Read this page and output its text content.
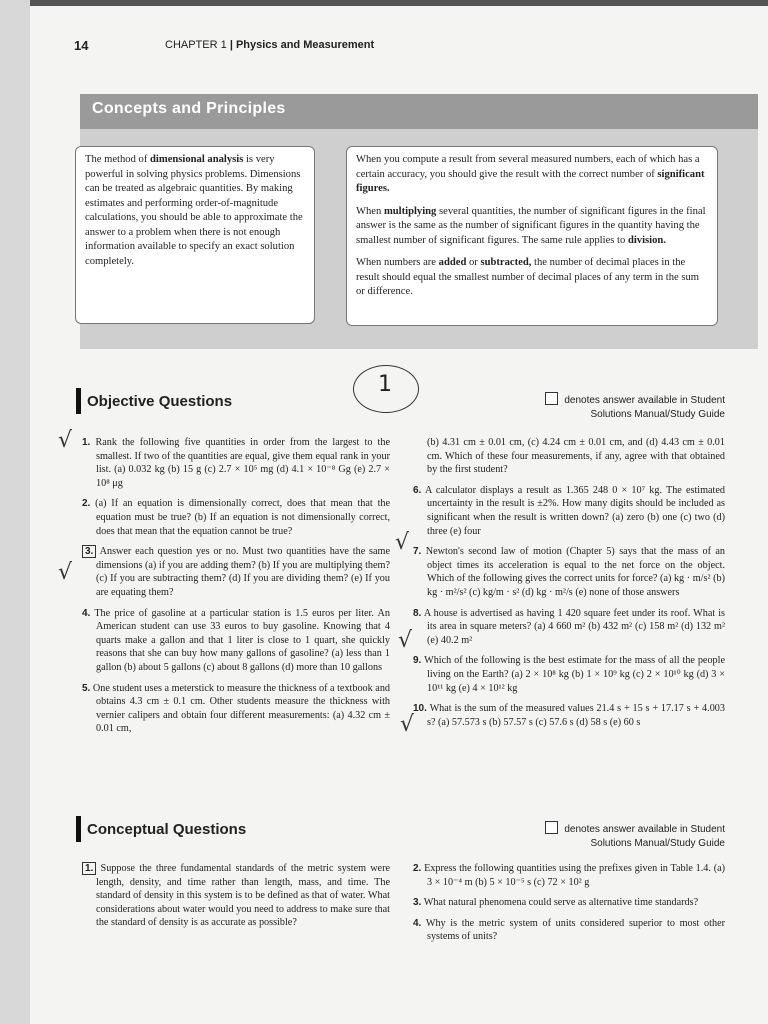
14	CHAPTER 1 | Physics and Measurement
Concepts and Principles

The method of dimensional analysis is very powerful in solving physics problems. Dimensions can be treated as algebraic quantities. By making estimates and performing order-of-magnitude calculations, you should be able to approximate the answer to a problem when there is not enough information available to specify an exact solution completely.

When you compute a result from several measured numbers, each of which has a certain accuracy, you should give the result with the correct number of significant figures.

When multiplying several quantities, the number of significant figures in the final answer is the same as the number of significant figures in the quantity having the smallest number of significant figures. The same rule applies to division.

When numbers are added or subtracted, the number of decimal places in the result should equal the smallest number of decimal places of any term in the sum or difference.

1
Objective Questions	denotes answer available in Student Solutions Manual/Study Guide
√
√
√
√
√
1. Rank the following five quantities in order from the largest to the smallest. If two of the quantities are equal, give them equal rank in your list. (a) 0.032 kg (b) 15 g (c) 2.7 × 10⁵ mg (d) 4.1 × 10⁻⁸ Gg (e) 2.7 × 10⁸ μg
2. (a) If an equation is dimensionally correct, does that mean that the equation must be true? (b) If an equation is not dimensionally correct, does that mean that the equation cannot be true?
3. Answer each question yes or no. Must two quantities have the same dimensions (a) if you are adding them? (b) If you are multiplying them? (c) If you are subtracting them? (d) If you are dividing them? (e) If you are equating them?
4. The price of gasoline at a particular station is 1.5 euros per liter. An American student can use 33 euros to buy gasoline. Knowing that 4 quarts make a gallon and that 1 liter is close to 1 quart, she quickly reasons that she can buy how many gallons of gasoline? (a) less than 1 gallon (b) about 5 gallons (c) about 8 gallons (d) more than 10 gallons
5. One student uses a meterstick to measure the thickness of a textbook and obtains 4.3 cm ± 0.1 cm. Other students measure the thickness with vernier calipers and obtain four different measurements: (a) 4.32 cm ± 0.01 cm,
(b) 4.31 cm ± 0.01 cm, (c) 4.24 cm ± 0.01 cm, and (d) 4.43 cm ± 0.01 cm. Which of these four measurements, if any, agree with that obtained by the first student?
6. A calculator displays a result as 1.365 248 0 × 10⁷ kg. The estimated uncertainty in the result is ±2%. How many digits should be included as significant when the result is written down? (a) zero (b) one (c) two (d) three (e) four
7. Newton's second law of motion (Chapter 5) says that the mass of an object times its acceleration is equal to the net force on the object. Which of the following gives the correct units for force? (a) kg · m/s² (b) kg · m²/s² (c) kg/m · s² (d) kg · m²/s (e) none of those answers
8. A house is advertised as having 1 420 square feet under its roof. What is its area in square meters? (a) 4 660 m² (b) 432 m² (c) 158 m² (d) 132 m² (e) 40.2 m²
9. Which of the following is the best estimate for the mass of all the people living on the Earth? (a) 2 × 10⁸ kg (b) 1 × 10⁹ kg (c) 2 × 10¹⁰ kg (d) 3 × 10¹¹ kg (e) 4 × 10¹² kg
10. What is the sum of the measured values 21.4 s + 15 s + 17.17 s + 4.003 s? (a) 57.573 s (b) 57.57 s (c) 57.6 s (d) 58 s (e) 60 s
Conceptual Questions	denotes answer available in Student Solutions Manual/Study Guide
1. Suppose the three fundamental standards of the metric system were length, density, and time rather than length, mass, and time. The standard of density in this system is to be defined as that of water. What considerations about water would you need to address to make sure that the standard of density is as accurate as possible?
2. Express the following quantities using the prefixes given in Table 1.4. (a) 3 × 10⁻⁴ m (b) 5 × 10⁻⁵ s (c) 72 × 10² g
3. What natural phenomena could serve as alternative time standards?
4. Why is the metric system of units considered superior to most other systems of units?
